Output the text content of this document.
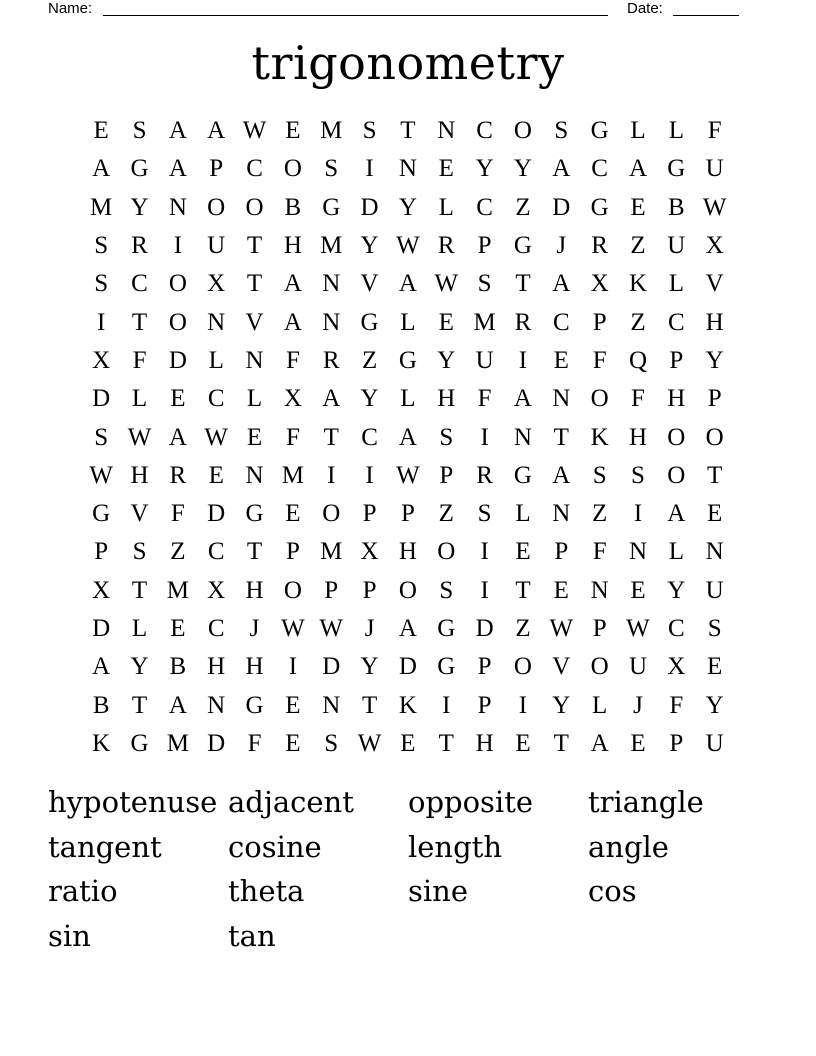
Name:	Date:
trigonometry
E S A A W E M S T N C O S G L L F
A G A P C O S	I	N E Y Y A C A G U
M Y N O O B G D Y L C Z D G E B W
S R	I	U T H M Y W R P G J	R Z U X
S C O X T A N V A W S T A X K L V
I	T O N V A N G L E M R C P Z C H
X F D L N F R Z G Y U	I	E F Q P Y
D L E C L X A Y L H F A N O F H P
S W A W E F T C A S	I	N T K H O O
W H R E N M I	I W P R G A S S O T
G V F D G E O P P Z S L N Z	I	A E
P S Z C T P M X H O	I	E P F N L N
X T M X H O P P O S	I	T E N E Y U
D L E C	J W W J A G D Z W P W C S
A Y B H H	I	D Y D G P O V O U X E
B T A N G E N T K	I	P	I	Y L	J	F Y
K G M D F E S W E T H E T A E P U
hypotenuse adjacent	opposite	triangle
tangent	cosine	length	angle
ratio	theta	sine	cos
sin	tan
